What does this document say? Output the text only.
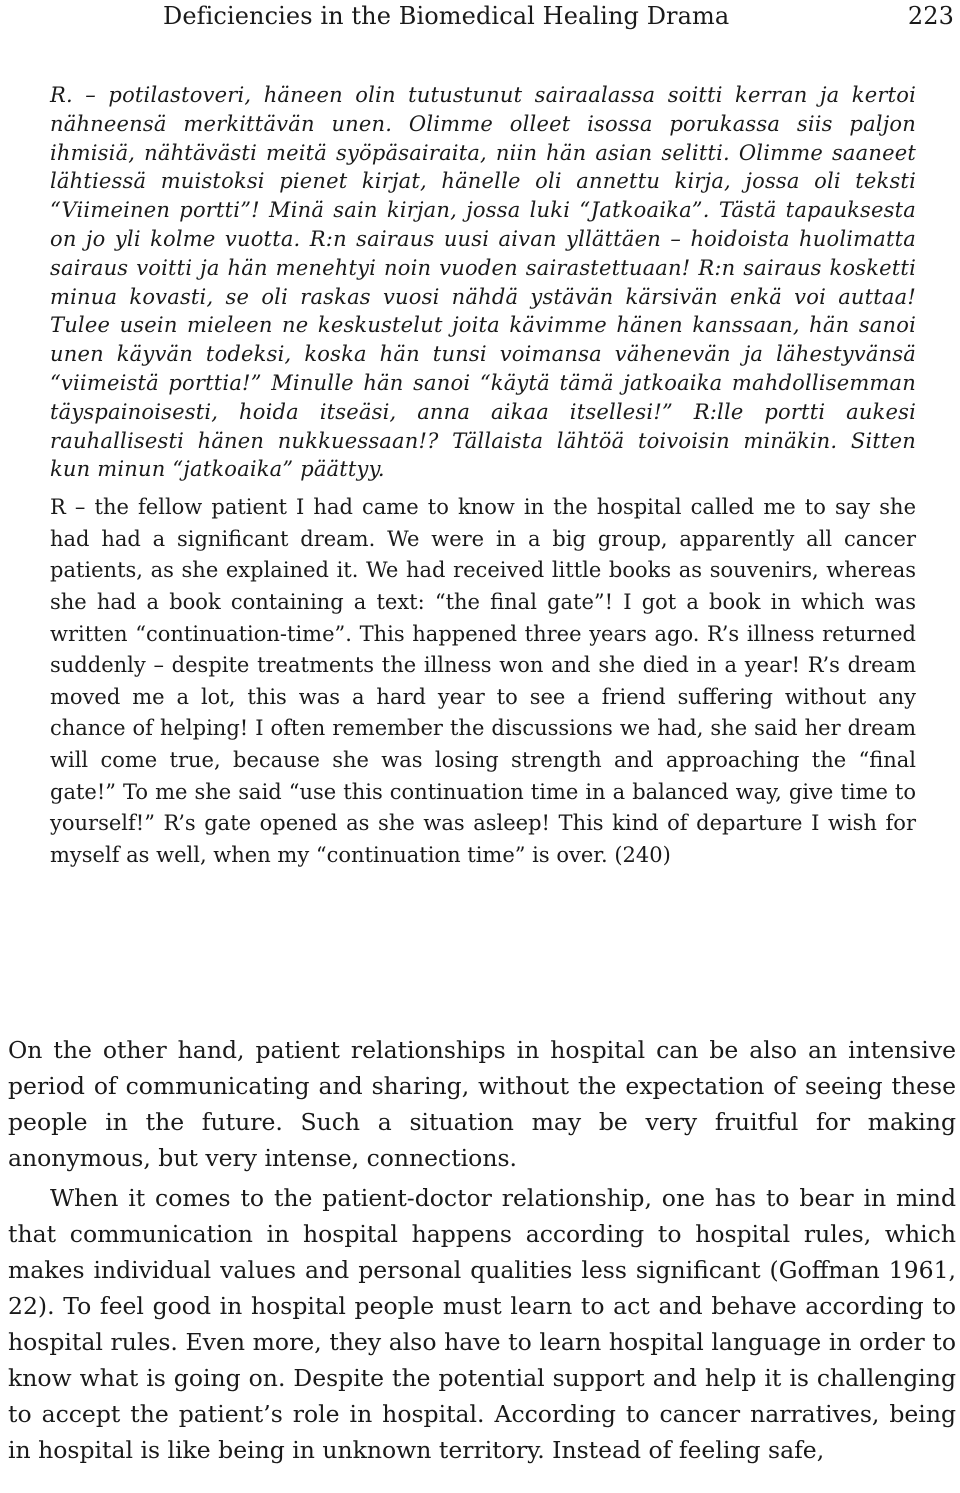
Deficiencies in the Biomedical Healing Drama	223

R. – potilastoveri, häneen olin tutustunut sairaalassa soitti kerran ja kertoi nähneensä merkittävän unen. Olimme olleet isossa porukassa siis paljon ihmisiä, nähtävästi meitä syöpäsairaita, niin hän asian selitti. Olimme saaneet lähtiessä muistoksi pienet kirjat, hänelle oli annettu kirja, jossa oli teksti “Viimeinen portti”! Minä sain kirjan, jossa luki “Jatkoaika”. Tästä tapauksesta on jo yli kolme vuotta. R:n sairaus uusi aivan yllättäen – hoidoista huolimatta sairaus voitti ja hän menehtyi noin vuoden sairastettuaan! R:n sairaus kosketti minua kovasti, se oli raskas vuosi nähdä ystävän kärsivän enkä voi auttaa! Tulee usein mieleen ne keskustelut joita kävimme hänen kanssaan, hän sanoi unen käyvän todeksi, koska hän tunsi voimansa vähenevän ja lähestyvänsä “viimeistä porttia!” Minulle hän sanoi “käytä tämä jatkoaika mahdollisemman täyspainoisesti, hoida itseäsi, anna aikaa itsellesi!” R:lle portti aukesi rauhallisesti hänen nukkuessaan!? Tällaista lähtöä toivoisin minäkin. Sitten kun minun “jatkoaika” päättyy.

R – the fellow patient I had came to know in the hospital called me to say she had had a significant dream. We were in a big group, apparently all cancer patients, as she explained it. We had received little books as souvenirs, whereas she had a book containing a text: “the final gate”! I got a book in which was written “continuation-time”. This happened three years ago. R’s illness returned suddenly – despite treatments the illness won and she died in a year! R’s dream moved me a lot, this was a hard year to see a friend suffering without any chance of helping! I often remember the discussions we had, she said her dream will come true, because she was losing strength and approaching the “final gate!” To me she said “use this continuation time in a balanced way, give time to yourself!” R’s gate opened as she was asleep! This kind of departure I wish for myself as well, when my “continuation time” is over. (240)

On the other hand, patient relationships in hospital can be also an intensive period of communicating and sharing, without the expectation of seeing these people in the future. Such a situation may be very fruitful for making anonymous, but very intense, connections.

When it comes to the patient-doctor relationship, one has to bear in mind that communication in hospital happens according to hospital rules, which makes individual values and personal qualities less significant (Goffman 1961, 22). To feel good in hospital people must learn to act and behave according to hospital rules. Even more, they also have to learn hospital language in order to know what is going on. Despite the potential support and help it is challenging to accept the patient’s role in hospital. According to cancer narratives, being in hospital is like being in unknown territory. Instead of feeling safe,
